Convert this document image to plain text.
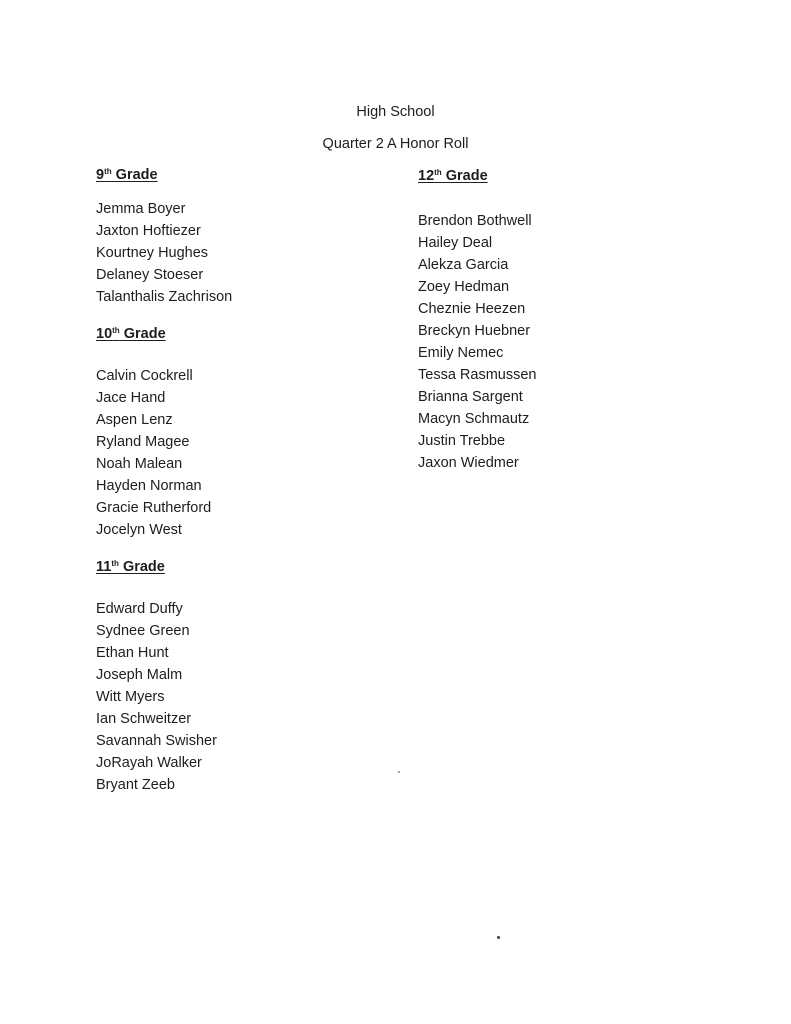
High School
Quarter 2 A Honor Roll

9th Grade

Jemma Boyer
Jaxton Hoftiezer
Kourtney Hughes
Delaney Stoeser
Talanthalis Zachrison

10th Grade

Calvin Cockrell
Jace Hand
Aspen Lenz
Ryland Magee
Noah Malean
Hayden Norman
Gracie Rutherford
Jocelyn West

11th Grade

Edward Duffy
Sydnee Green
Ethan Hunt
Joseph Malm
Witt Myers
Ian Schweitzer
Savannah Swisher
JoRayah Walker
Bryant Zeeb

12th Grade

Brendon Bothwell
Hailey Deal
Alekza Garcia
Zoey Hedman
Cheznie Heezen
Breckyn Huebner
Emily Nemec
Tessa Rasmussen
Brianna Sargent
Macyn Schmautz
Justin Trebbe
Jaxon Wiedmer
